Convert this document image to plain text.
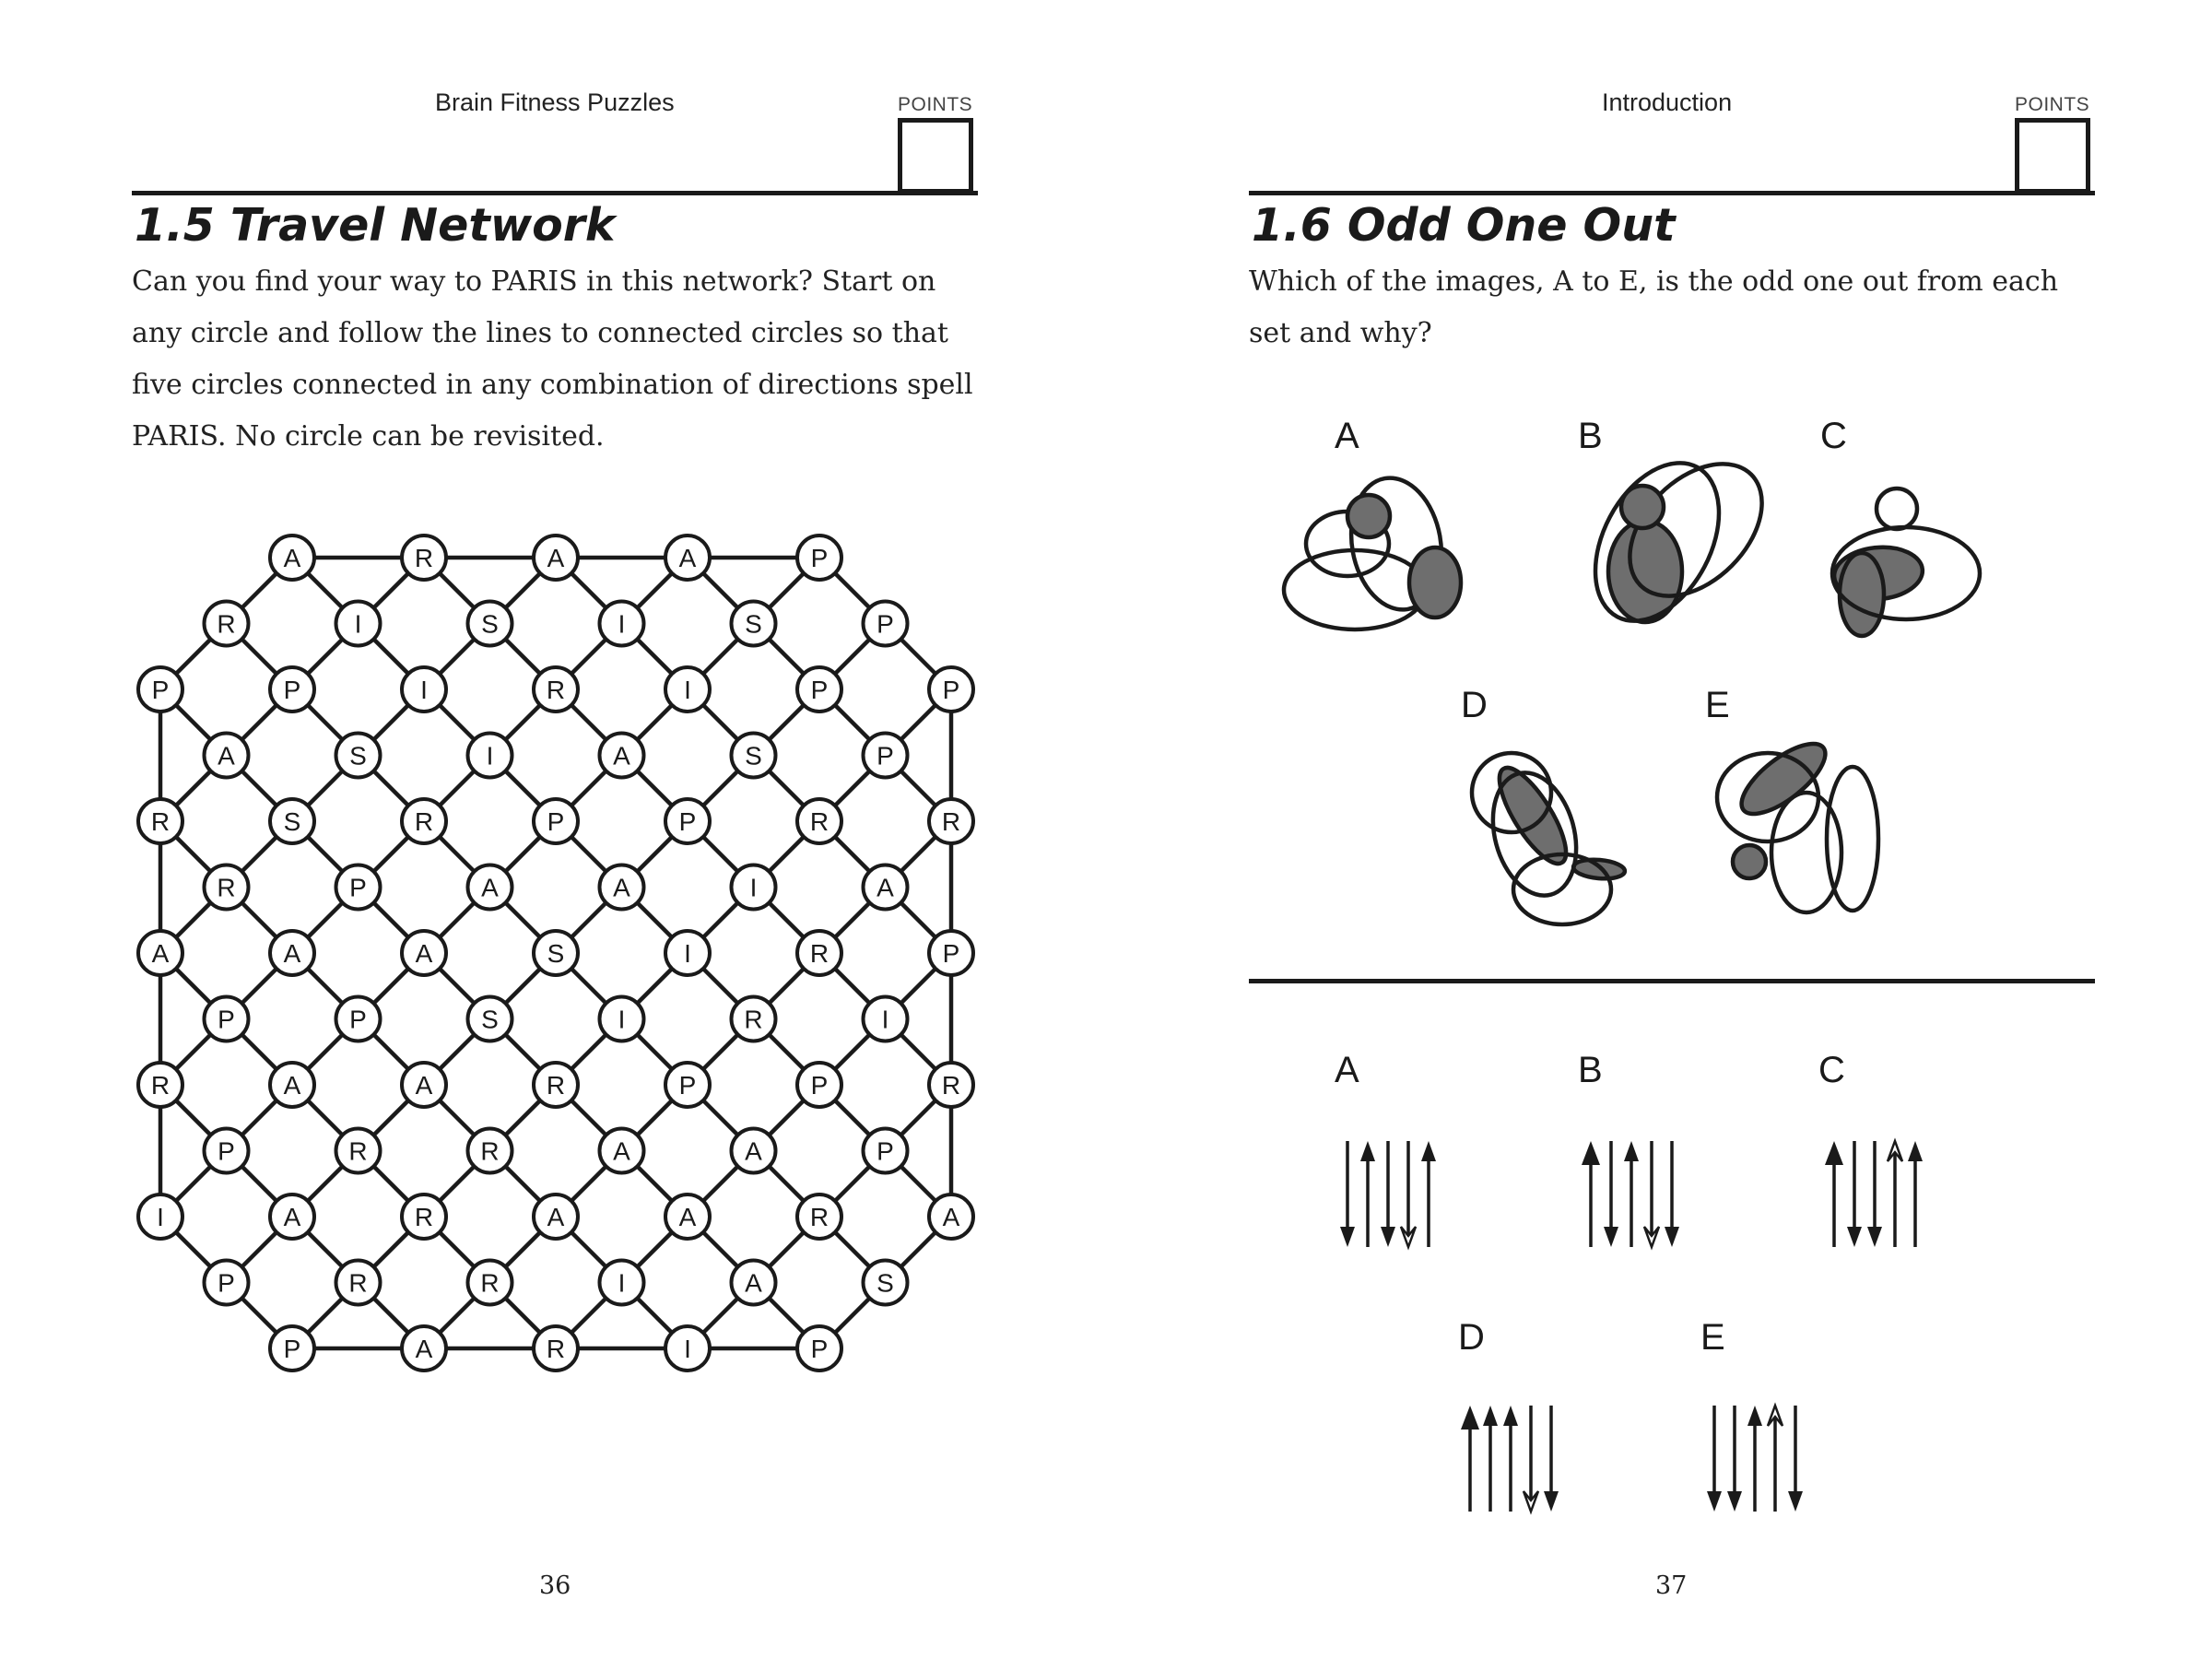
Brain Fitness Puzzles	POINTS
1.5 Travel Network
Can you find your way to PARIS in this network? Start on any circle and follow the lines to connected circles so that five circles connected in any combination of directions spell PARIS. No circle can be revisited.
A	R	A	A	P
R	I	S	I	S	P
P	P	I	R	I	P	P
A	S	I	A	S	P
R	S	R	P	P	R	R
R	P	A	A	I	A
A	A	A	S	I	R	P
P	P	S	I	R	I
R	A	A	R	P	P	R
P	R	R	A	A	P
I	A	R	A	A	R	A
P	R	R	I	A	S
P	A	R	I	P
36
Introduction	POINTS
1.6 Odd One Out
Which of the images, A to E, is the odd one out from each set and why?
A	B	C
D	E
A	B	C
D	E
37
